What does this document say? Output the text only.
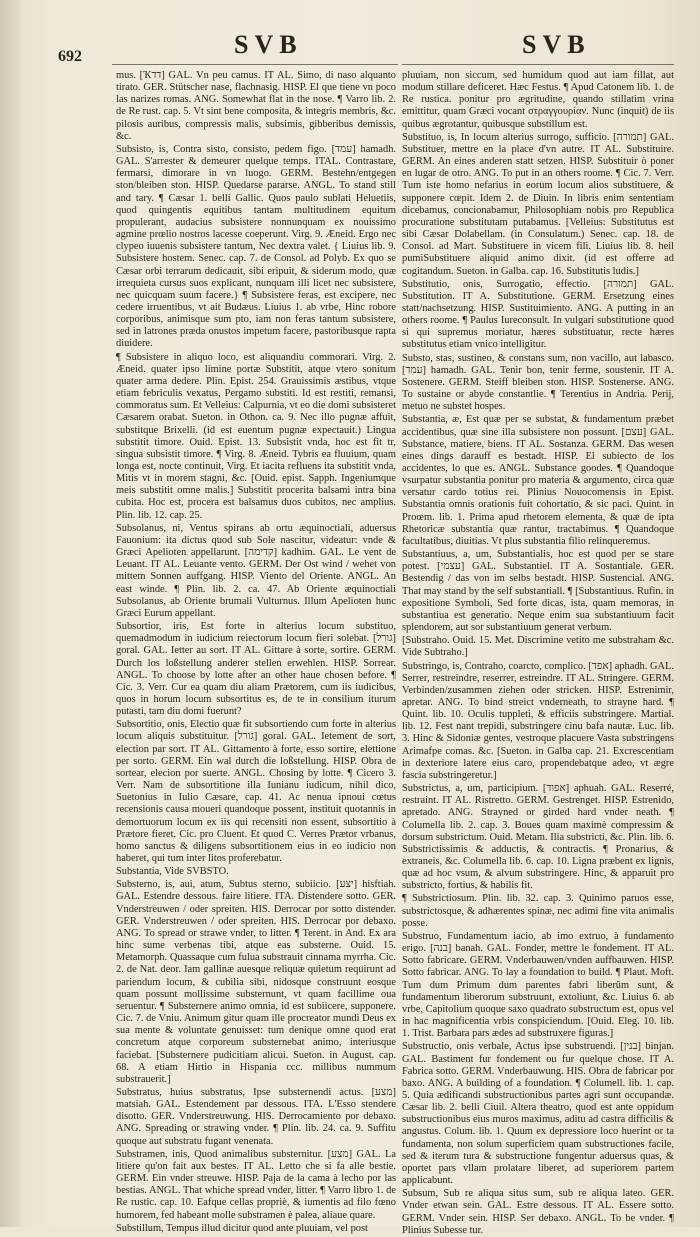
692	SVB	SVB

mus. [Ҡדד] GAL. Vn peu camus. IT AL. Simo, di naso alquanto tirato. GER. Stütscher nase, flachnasig. HISP. El que tiene vn poco las narizes romas. ANG. Somewhat flat in the nose. ¶ Varro lib. 2. de Re rust. cap. 5. Vt sint bene composita, & integris membris, &c. pilosis auribus, compressis malis, subsimis, gibberibus demissis, &c.

Subsisto, is, Contra sisto, consisto, pedem figo. [עמד] hamadh. GAL. S'arrester & demeurer quelque temps. ITAL. Contrastare, fermarsi, dimorare in vn luogo. GERM. Bestehn/entgegen ston/bleiben ston. HISP. Quedarse pararse. ANGL. To stand still and tary. ¶ Cæsar 1. belli Gallic. Quos paulo sublati Heluetiis, quod quingentis equitibus tantam multitudinem equitum propulerant, audacius subsistere nonnunquam ex nouissimo agmine prœlio nostros lacesse coeperunt. Virg. 9. Æneid. Ergo nec clypeo iuuenis subsistere tantum, Nec dextra valet. { Liuius lib. 9. Subsistere hostem. Senec. cap. 7. de Consol. ad Polyb. Ex quo se Cæsar orbi terrarum dedicauit, sibi eripuit, & siderum modo, quæ irrequieta cursus suos explicant, nunquam illi licet nec subsistere, nec quicquam suum facere.} ¶ Subsistere feras, est excipere, nec cedere irruentibus, vt ait Budæus. Liuius 1. ab vrbe, Hinc robore corporibus, animisque sum pto, iam non feras tantum subsistere, sed in latrones præda onustos impetum facere, pastoribusque rapta diuidere.

¶ Subsistere in aliquo loco, est aliquandiu commorari. Virg. 2. Æneid. quater ipso limine portæ Substitit, atque vtero sonitum quater arma dedere. Plin. Epist. 254. Grauissimis æstibus, vtque etiam febriculis vexatus, Pergamo substiti. Id est restiti, remansi, commoratus sum. Et Velleius: Calpurnia, vt eo die domi subsisteret Cæsarem orabat. Sueton. in Othon. ca. 9. Nec illo pugnæ affuit, substitque Brixelli. (id est euentum pugnæ expectauit.) Lingua substitit timore. Ouid. Epist. 13. Subsistit vnda, hoc est fit tr, singua subsistit timore. ¶ Virg. 8. Æneid. Tybris ea fluuium, quam longa est, nocte continuit, Virg. Et iacita refluens ita substitit vnda, Mitis vt in morem stagni, &c. [Ouid. epist. Sapph. Ingeniumque meis substitit omne malis.] Substitit procerita balsami intra bina cubita. Hoc est, procera est balsamus duos cubitos, nec amplius. Plin. lib. 12. cap. 25.

Subsolanus, ni, Ventus spirans ab ortu æquinoctiali, aduersus Fauonium: ita dictus quod sub Sole nascitur, videatur: vnde & Græci Apelioten appellarunt. [קדימה] kadhim. GAL. Le vent de Leuant. IT AL. Leuante vento. GERM. Der Ost wind / wehet von mittem Sonnen auffgang. HISP. Viento del Oriente. ANGL. An east winde. ¶ Plin. lib. 2. ca. 47. Ab Oriente æquinoctiali Subsolanus, ab Oriente brumali Vulturnus. Illum Apelioten hunc Græci Eurum appellant.

Subsortior, iris, Est forte in alterius locum substituo, quemadmodum in iudicium reiectorum locum fieri solebat. [גורל] goral. GAL. Ietter au sort. IT AL. Gittare à sorte, sortire. GERM. Durch los loßstellung anderer stellen erwehlen. HISP. Sorrear. ANGL. To choose by lotte after an other haue chosen before. ¶ Cic. 3. Verr. Cur ea quam diu aliam Prætorem, cum iis iudicibus, quos in horum locum subsortitus es, de te in consilium iturum putasti, tam diu domi fuerunt?

Subsortitio, onis, Electio quæ fit subsortiendo cum forte in alterius locum aliquis substituitur. [גורל] goral. GAL. Ietement de sort, election par sort. IT AL. Gittamento à forte, esso sortire, elettione per sorto. GERM. Ein wal durch die loßstellung. HISP. Obra de sortear, elecion por suerte. ANGL. Chosing by lotte. ¶ Cicero 3. Verr. Nam de subsortitione illa Iunianu iudicum, nihil dico, Suetonius in Iulio Cæsare, cap. 41. Ac nenua ipnoui cœtus recensionis causa moueri quandoque possent, instituit quotannis in demortuorum locum ex iis qui recensiti non essent, subsortitio à Prætore fieret. Cic. pro Cluent. Et quod C. Verres Prætor vrbanus, homo sanctus & diligens subsortitionem eius in eo iudicio non haberet, qui tum inter litos proferebatur.

Substantia, Vide SVBSTO.

Substerno, is, aui, atum, Subtus sterno, subiicio. [יצע] hisftiah. GAL. Estendre dessous. faire litiere. ITA. Distendere sotto. GER. Vnderstreuwen / oder spreiten. HIS. Derrocar por sotto distender. GER. Vnderstreuwen / oder spreiten. HIS. Derrocar por debaxo. ANG. To spread or strawe vnder, to litter. ¶ Terent. in And. Ex ara hinc sume verbenas tibi, atque eas substerne. Ouid. 15. Metamorph. Quassaque cum fulua substrauit cinnama myrrha. Cic. 2. de Nat. deor. Iam gallinæ auesque reliquæ quietum requirunt ad pariendum locum, & cubilia sibi, nidosque construunt eosque quam possunt mollissime substernunt, vt quam facillime oua seruentur. ¶ Substernere animo omnia, id est subiicere, supponere. Cic. 7. de Vniu. Animum gitur quam ille procreator mundi Deus ex sua mente & voluntate genuisset: tum denique omne quod erat concretum atque corporeum substernebat animo, interiusque faciebat. [Substernere pudicitiam alicui. Sueton. in August. cap. 68. A etiam Hirtio in Hispania ccc. millibus nummum substrauerit.]

Substratus, huius substratus, Ipse substernendi actus. [מצע] matsiah. GAL. Estendement par dessous. ITA. L'Esso stendere disotto. GER. Vnderstreuwung. HIS. Derrocamiento por debaxo. ANG. Spreading or strawing vnder. ¶ Plin. lib. 24. ca. 9. Suffitu quoque aut substratu fugant venenata.

Substramen, inis, Quod animalibus substernitur. [מצע] GAL. La litiere qu'on fait aux bestes. IT AL. Letto che si fa alle bestie. GERM. Ein vnder streuwe. HISP. Paja de la cama à lecho por las bestias. ANGL. That whiche spread vnder, litter. ¶ Varro libro 1. de Re rustic. cap. 10. Eafque cellas propriè, & iumentis ad filo fœno humorem, fed habeant molle substramen è palea, aliaue quare.

Substillum, Tempus illud dicitur quod ante pluuiam, vel post

pluuiam, non siccum, sed humidum quod aut iam fillat, aut modum stillare deficeret. Hæc Festus. ¶ Apud Catonem lib. 1. de Re rustica. ponitur pro ægritudine, quando stillatim vrina emittitur, quam Græci vocant στραγγουρίαν. Nunc (inquit) de iis quibus ægrotantur, quibusque substillum est.

Substituo, is, In locum alterius surrogo, sufficio. [תמורה] GAL. Substituer, mettre en la place d'vn autre. IT AL. Substituire. GERM. An eines anderen statt setzen. HISP. Substituir ò poner en lugar de otro. ANG. To put in an others roome. ¶ Cic. 7. Verr. Tum iste homo nefarius in eorum locum alios substituere, & supponere cœpit. Idem 2. de Diuin. In libris enim sententiam dicebamus, concionabamur, Philosophiam nobis pro Republica procuratione substitutam putabamus. [Velleius: Substitutus est sibi Cæsar Dolabellam. (in Consulatum.) Senec. cap. 18. de Consol. ad Mart. Substituere in vicem fili. Liuius lib. 8. heil pumiSubstituere aliquid animo dixit. (id est offerre ad cogitandum. Sueton. in Galba. cap. 16. Substitutis ludis.]

Substitutio, onis, Surrogatio, effectio. [תמורה] GAL. Substitution. IT A. Substitutione. GERM. Ersetzung eines statt/nachsetzung. HISP. Sustituimiento. ANG. A putting in an others roome. ¶ Paulus Iureconsult. In vulgari substitutione quod si qui supremus moriatur, hæres substituatur, recte hæres substitutus etiam vnico intelligitur.

Substo, stas, sustineo, & constans sum, non vacillo, aut labasco. [עמד] hamadh. GAL. Tenir bon, tenir ferme, soustenir. IT A. Sostenere. GERM. Steiff bleiben ston. HISP. Sostenerse. ANG. To sustaine or abyde constantlie. ¶ Terentius in Andria. Perij, metuo ne substet hospes.

Substantia, æ, Est quæ per se substat, & fundamentum præbet accidentibus, quæ sine illa subsistere non possunt. [עצם] GAL. Substance, matiere, biens. IT AL. Sostanza. GERM. Das wesen eines dings darauff es bestadt. HISP. El subiecto de los accidentes, lo que es. ANGL. Substance goodes. ¶ Quandoque vsurpatur substantia ponitur pro materia & argumento, circa quæ versatur cardo totius rei. Plinius Nouocomensis in Epist. Substantia omnis orationis fuit cohortatio, & sic paci. Quint. in Proœm. lib. 1. Prima apud rhetorem elementa, & quæ de ipta Rhetoricæ substantia quæ rantur, tractabimus. ¶ Quandoque facultatibus, diuitias. Vt plus substantia filio relinqueremus.

Substantiuus, a, um, Substantialis, hoc est quod per se stare potest. [עצמי] GAL. Substantiel. IT A. Sostantiale. GER. Bestendig / das von im selbs bestadt. HISP. Sustencial. ANG. That may stand by the self substantiall. ¶ [Substantiuus. Rufin. in expositione Symboli, Sed forte dicas, ista, quam memoras, in substantiua est generatio. Neque enim sua substantiuum facit splendorem, aut sor substantiuum generat verbum.

[Substraho. Ouid. 15. Met. Discrimine vetito me substraham &c. Vide Subtraho.]

Substringo, is, Contraho, coarcto, complico. [אפד] aphadh. GAL. Serrer, restreindre, reserrer, estreindre. IT AL. Stringere. GERM. Verbinden/zusammen ziehen oder stricken. HISP. Estrenimir, apretar. ANG. To bind streict vnderneath, to strayne hard. ¶ Quint. lib. 10. Oculis tuppleti, & efficiis substringere. Martial. lib. 12. Fest nant trepidi, substringere cinu bafa nautæ. Luc. lib. 3. Hinc & Sidoniæ gentes, vestroque placuere Vasta substringens Arimafpe comas. &c. [Sueton. in Galba cap. 21. Excrescentiam in dexteriore latere eius caro, propendebatque adeo, vt ægre fascia substringeretur.]

Substrictus, a, um, participium. [אפוד] aphuah. GAL. Reserré, restraint. IT AL. Ristretto. GERM. Gestrenget. HISP. Estrenido, apretado. ANG. Strayned or girded hard vnder neath. ¶ Columella lib. 2. cap. 3. Boues quam maximè compressim & dorsum substrictum. Ouid. Metam. Ilia substricti, &c. Plin. lib. 6. Substrictissimis & adductis, & contractis. ¶ Pronarius, & extraneis, &c. Columella lib. 6. cap. 10. Ligna præbent ex lignis, quæ ad hoc vsum, & alvum substringere. Hinc, & apparuit pro substricto, fortius, & habilis fit.

¶ Substrictiosum. Plin. lib. 32. cap. 3. Quinimo paruos esse, substrictosque, & adhærentes spinæ, nec adimi fine vita animalis posse.

Substruo, Fundamentum iacio, ab imo extruo, à fundamento erigo. [בנה] banah. GAL. Fonder, mettre le fondement. IT AL. Sotto fabricare. GERM. Vnderbauwen/vnden auffbauwen. HISP. Sotto fabricar. ANG. To lay a foundation to build. ¶ Plaut. Moft. Tum dum Primum dum parentes fabri liberûm sunt, & fundamentum liberorum substruunt, extoliunt, &c. Liuius 6. ab vrbe, Capitolium quoque saxo quadrato substructum est, opus vel in hac magnificentia vrbis conspiciendum. [Ouid. Eleg. 10. lib. 1. Trist. Barbara pars ædes ad substruxere figuras.]

Substructio, onis verbale, Actus ipse substruendi. [בנין] binjan. GAL. Bastiment fur fondement ou fur quelque chose. IT A. Fabrica sotto. GERM. Vnderbauwung. HIS. Obra de fabricar por baxo. ANG. A building of a foundation. ¶ Columell. lib. 1. cap. 5. Quia ædificandi substructionibus partes agri sunt occupandæ. Cæsar lib. 2. belli Ciuil. Altera theatro, quod est ante oppidum substructionibus eius muros maximus, aditu ad castra difficilis & angustus. Colum. lib. 1. Quum ex depressiore loco huerint or ta fundamenta, non solum superficiem quam substructiones facile, sed & iterum tura & substructione fungentur aduersus quas, & oportet pars vllam prolatare liberet, ad superiorem partem applicabunt.

Subsum, Sub re aliqua situs sum, sub re aliqua lateo. GER. Vnder etwan sein. GAL. Estre dessous. IT AL. Essere sotto. GERM. Vnder sein. HISP. Ser debaxo. ANGL. To be vnder. ¶ Plinius Subesse tur.
